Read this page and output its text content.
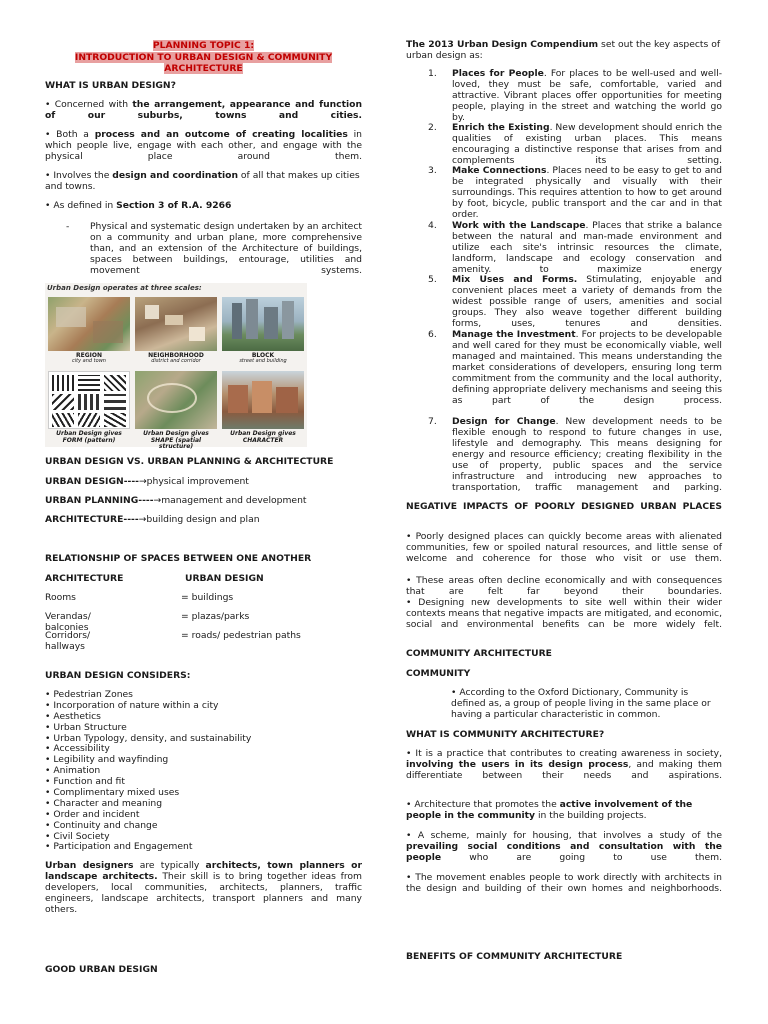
PLANNING TOPIC 1:
INTRODUCTION TO URBAN DESIGN & COMMUNITY
ARCHITECTURE
WHAT IS URBAN DESIGN?

• Concerned with the arrangement, appearance and function of our suburbs, towns and cities.

• Both a process and an outcome of creating localities in which people live, engage with each other, and engage with the physical place around them.

• Involves the design and coordination of all that makes up cities and towns.

• As defined in Section 3 of R.A. 9266

- Physical and systematic design undertaken by an architect on a community and urban plane, more comprehensive than, and an extension of the Architecture of buildings, spaces between buildings, entourage, utilities and movement systems.

Urban Design operates at three scales:
REGION
city and town
NEIGHBORHOOD
district and corridor
BLOCK
street and building
Urban Design gives FORM (pattern)
Urban Design gives SHAPE (spatial structure)
Urban Design gives CHARACTER
URBAN DESIGN VS. URBAN PLANNING & ARCHITECTURE
URBAN DESIGN----→physical improvement
URBAN PLANNING----→management and development
ARCHITECTURE----→building design and plan
RELATIONSHIP OF SPACES BETWEEN ONE ANOTHER
ARCHITECTURE	URBAN DESIGN
Rooms	= buildings
Verandas/ balconies
= plazas/parks
Corridors/ hallways
= roads/ pedestrian paths
URBAN DESIGN CONSIDERS:
• Pedestrian Zones
• Incorporation of nature within a city
• Aesthetics
• Urban Structure
• Urban Typology, density, and sustainability
• Accessibility
• Legibility and wayfinding
• Animation
• Function and fit
• Complimentary mixed uses
• Character and meaning
• Order and incident
• Continuity and change
• Civil Society
• Participation and Engagement

Urban designers are typically architects, town planners or landscape architects. Their skill is to bring together ideas from developers, local communities, architects, planners, traffic engineers, landscape architects, transport planners and many others.

GOOD URBAN DESIGN

The 2013 Urban Design Compendium set out the key aspects of urban design as:

1. Places for People. For places to be well-used and well-loved, they must be safe, comfortable, varied and attractive. Vibrant places offer opportunities for meeting people, playing in the street and watching the world go by.

2. Enrich the Existing. New development should enrich the qualities of existing urban places. This means encouraging a distinctive response that arises from and complements its setting.

3. Make Connections. Places need to be easy to get to and be integrated physically and visually with their surroundings. This requires attention to how to get around by foot, bicycle, public transport and the car and in that order.

4. Work with the Landscape. Places that strike a balance between the natural and man-made environment and utilize each site's intrinsic resources the climate, landform, landscape and ecology conservation and amenity. to maximize energy

5. Mix Uses and Forms. Stimulating, enjoyable and convenient places meet a variety of demands from the widest possible range of users, amenities and social groups. They also weave together different building forms, uses, tenures and densities.

6. Manage the Investment. For projects to be developable and well cared for they must be economically viable, well managed and maintained. This means understanding the market considerations of developers, ensuring long term commitment from the community and the local authority, defining appropriate delivery mechanisms and seeing this as part of the design process.

7. Design for Change. New development needs to be flexible enough to respond to future changes in use, lifestyle and demography. This means designing for energy and resource efficiency; creating flexibility in the use of property, public spaces and the service infrastructure and introducing new approaches to transportation, traffic management and parking.

NEGATIVE IMPACTS OF POORLY DESIGNED URBAN PLACES

• Poorly designed places can quickly become areas with alienated communities, few or spoiled natural resources, and little sense of welcome and coherence for those who visit or use them.

• These areas often decline economically and with consequences that are felt far beyond their boundaries.

• Designing new developments to site well within their wider contexts means that negative impacts are mitigated, and economic, social and environmental benefits can be more widely felt.

COMMUNITY ARCHITECTURE
COMMUNITY

• According to the Oxford Dictionary, Community is defined as, a group of people living in the same place or having a particular characteristic in common.

WHAT IS COMMUNITY ARCHITECTURE?

• It is a practice that contributes to creating awareness in society, involving the users in its design process, and making them differentiate between their needs and aspirations.

• Architecture that promotes the active involvement of the people in the community in the building projects.

• A scheme, mainly for housing, that involves a study of the prevailing social conditions and consultation with the people who are going to use them.

• The movement enables people to work directly with architects in the design and building of their own homes and neighborhoods.

BENEFITS OF COMMUNITY ARCHITECTURE
